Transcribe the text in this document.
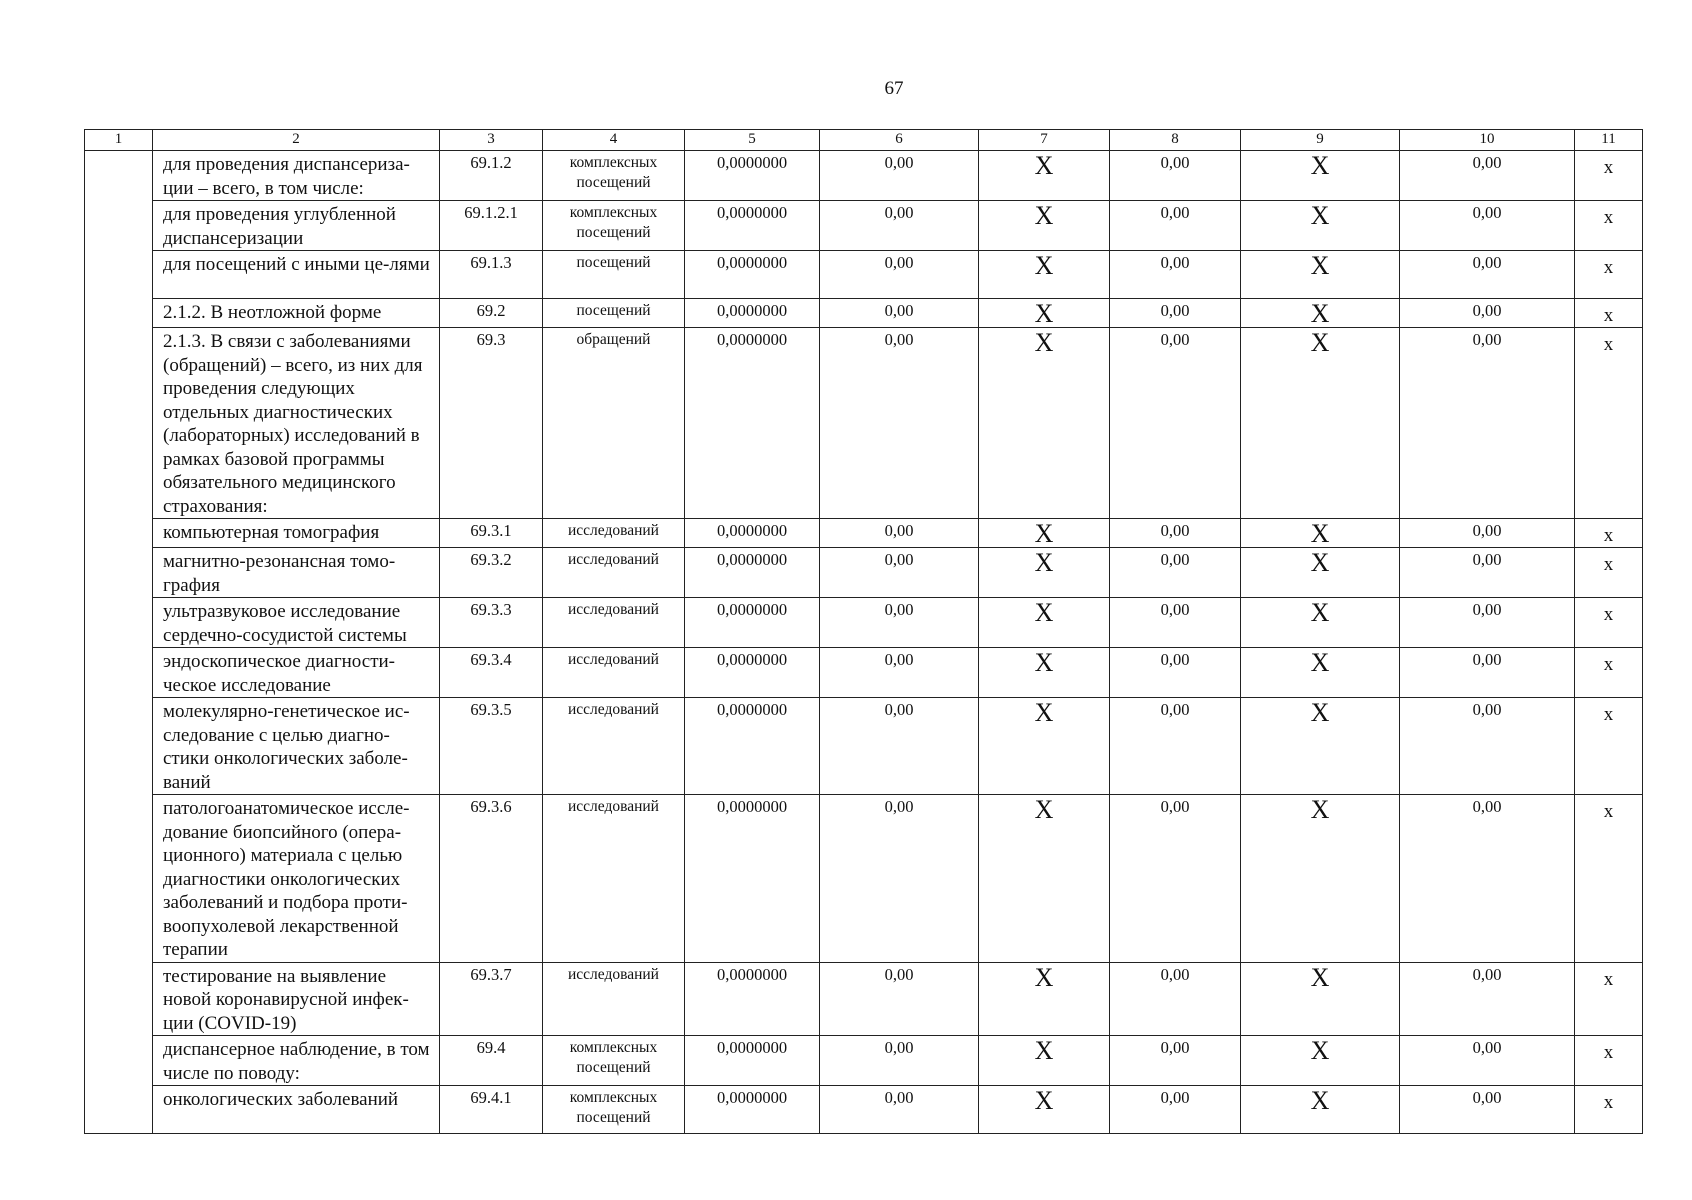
67
1	2	3	4	5	6	7	8	9	10	11
	для проведения диспансериза-ции – всего, в том числе:	69.1.2	комплексных посещений	0,0000000	0,00	Х	0,00	Х	0,00	х
	для проведения углубленной диспансеризации	69.1.2.1	комплексных посещений	0,0000000	0,00	Х	0,00	Х	0,00	х
	для посещений с иными це-лями	69.1.3	посещений	0,0000000	0,00	Х	0,00	Х	0,00	х
	2.1.2. В неотложной форме	69.2	посещений	0,0000000	0,00	Х	0,00	Х	0,00	х
	2.1.3. В связи с заболеваниями (обращений) – всего, из них для проведения следующих отдельных диагностических (лабораторных) исследований в рамках базовой программы обязательного медицинского страхования:	69.3	обращений	0,0000000	0,00	Х	0,00	Х	0,00	х
	компьютерная томография	69.3.1	исследований	0,0000000	0,00	Х	0,00	Х	0,00	х
	магнитно-резонансная томо-графия	69.3.2	исследований	0,0000000	0,00	Х	0,00	Х	0,00	х
	ультразвуковое исследование сердечно-сосудистой системы	69.3.3	исследований	0,0000000	0,00	Х	0,00	Х	0,00	х
	эндоскопическое диагности-ческое исследование	69.3.4	исследований	0,0000000	0,00	Х	0,00	Х	0,00	х
	молекулярно-генетическое ис-следование с целью диагно-стики онкологических заболе-ваний	69.3.5	исследований	0,0000000	0,00	Х	0,00	Х	0,00	х
	патологоанатомическое иссле-дование биопсийного (опера-ционного) материала с целью диагностики онкологических заболеваний и подбора проти-воопухолевой лекарственной терапии	69.3.6	исследований	0,0000000	0,00	Х	0,00	Х	0,00	х
	тестирование на выявление новой коронавирусной инфек-ции (COVID-19)	69.3.7	исследований	0,0000000	0,00	Х	0,00	Х	0,00	х
	диспансерное наблюдение, в том числе по поводу:	69.4	комплексных посещений	0,0000000	0,00	Х	0,00	Х	0,00	х
	онкологических заболеваний	69.4.1	комплексных посещений	0,0000000	0,00	Х	0,00	Х	0,00	х
